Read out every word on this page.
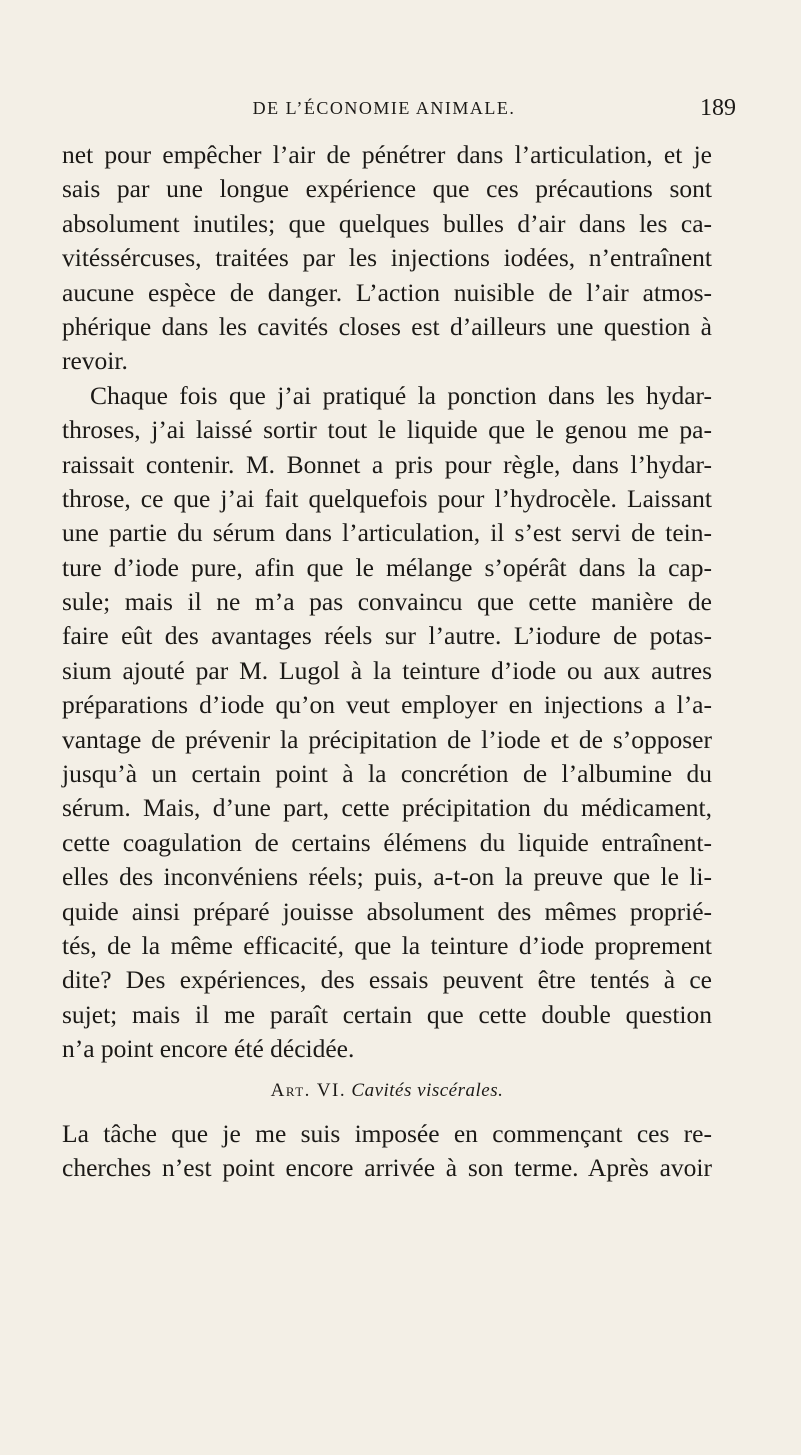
DE L’ÉCONOMIE ANIMALE.	189
net pour empêcher l’air de pénétrer dans l’articulation, et je
sais par une longue expérience que ces précautions sont
absolument inutiles; que quelques bulles d’air dans les ca-
vitéssércuses, traitées par les injections iodées, n’entraînent
aucune espèce de danger. L’action nuisible de l’air atmos-
phérique dans les cavités closes est d’ailleurs une question à
revoir.
Chaque fois que j’ai pratiqué la ponction dans les hydar-
throses, j’ai laissé sortir tout le liquide que le genou me pa-
raissait contenir. M. Bonnet a pris pour règle, dans l’hydar-
throse, ce que j’ai fait quelquefois pour l’hydrocèle. Laissant
une partie du sérum dans l’articulation, il s’est servi de tein-
ture d’iode pure, afin que le mélange s’opérât dans la cap-
sule; mais il ne m’a pas convaincu que cette manière de
faire eût des avantages réels sur l’autre. L’iodure de potas-
sium ajouté par M. Lugol à la teinture d’iode ou aux autres
préparations d’iode qu’on veut employer en injections a l’a-
vantage de prévenir la précipitation de l’iode et de s’opposer
jusqu’à un certain point à la concrétion de l’albumine du
sérum. Mais, d’une part, cette précipitation du médicament,
cette coagulation de certains élémens du liquide entraînent-
elles des inconvéniens réels; puis, a-t-on la preuve que le li-
quide ainsi préparé jouisse absolument des mêmes proprié-
tés, de la même efficacité, que la teinture d’iode proprement
dite? Des expériences, des essais peuvent être tentés à ce
sujet; mais il me paraît certain que cette double question
n’a point encore été décidée.
Art. VI. Cavités viscérales.
La tâche que je me suis imposée en commençant ces re-
cherches n’est point encore arrivée à son terme. Après avoir
